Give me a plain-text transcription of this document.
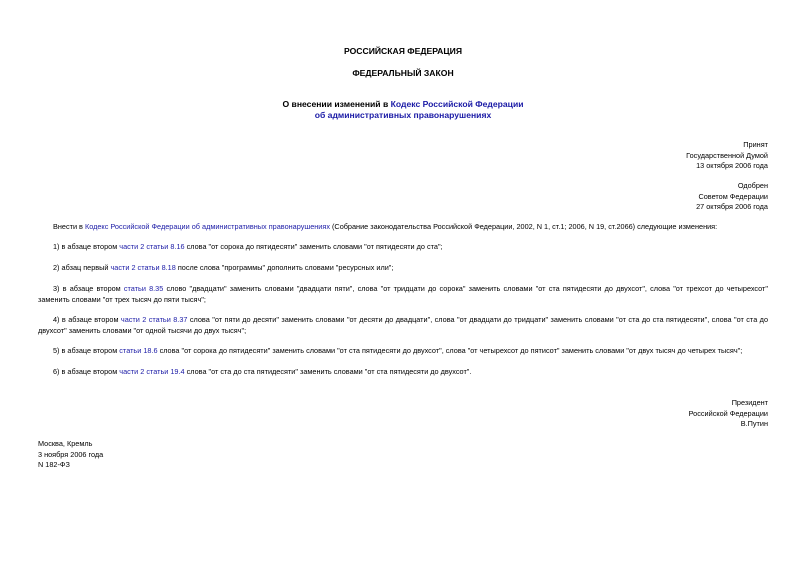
РОССИЙСКАЯ ФЕДЕРАЦИЯ
ФЕДЕРАЛЬНЫЙ ЗАКОН
О внесении изменений в Кодекс Российской Федерации
об административных правонарушениях
Принят
Государственной Думой
13 октября 2006 года
Одобрен
Советом Федерации
27 октября 2006 года
Внести в Кодекс Российской Федерации об административных правонарушениях (Собрание законодательства Российской Федерации, 2002, N 1, ст.1; 2006, N 19, ст.2066) следующие изменения:
1) в абзаце втором части 2 статьи 8.16 слова "от сорока до пятидесяти" заменить словами "от пятидесяти до ста";
2) абзац первый части 2 статьи 8.18 после слова "программы" дополнить словами "ресурсных или";
3) в абзаце втором статьи 8.35 слово "двадцати" заменить словами "двадцати пяти", слова "от тридцати до сорока" заменить словами "от ста пятидесяти до двухсот", слова "от трехсот до четырехсот" заменить словами "от трех тысяч до пяти тысяч";
4) в абзаце втором части 2 статьи 8.37 слова "от пяти до десяти" заменить словами "от десяти до двадцати", слова "от двадцати до тридцати" заменить словами "от ста до ста пятидесяти", слова "от ста до двухсот" заменить словами "от одной тысячи до двух тысяч";
5) в абзаце втором статьи 18.6 слова "от сорока до пятидесяти" заменить словами "от ста пятидесяти до двухсот", слова "от четырехсот до пятисот" заменить словами "от двух тысяч до четырех тысяч";
6) в абзаце втором части 2 статьи 19.4 слова "от ста до ста пятидесяти" заменить словами "от ста пятидесяти до двухсот".
Президент
Российской Федерации
В.Путин
Москва, Кремль
3 ноября 2006 года
N 182-ФЗ
